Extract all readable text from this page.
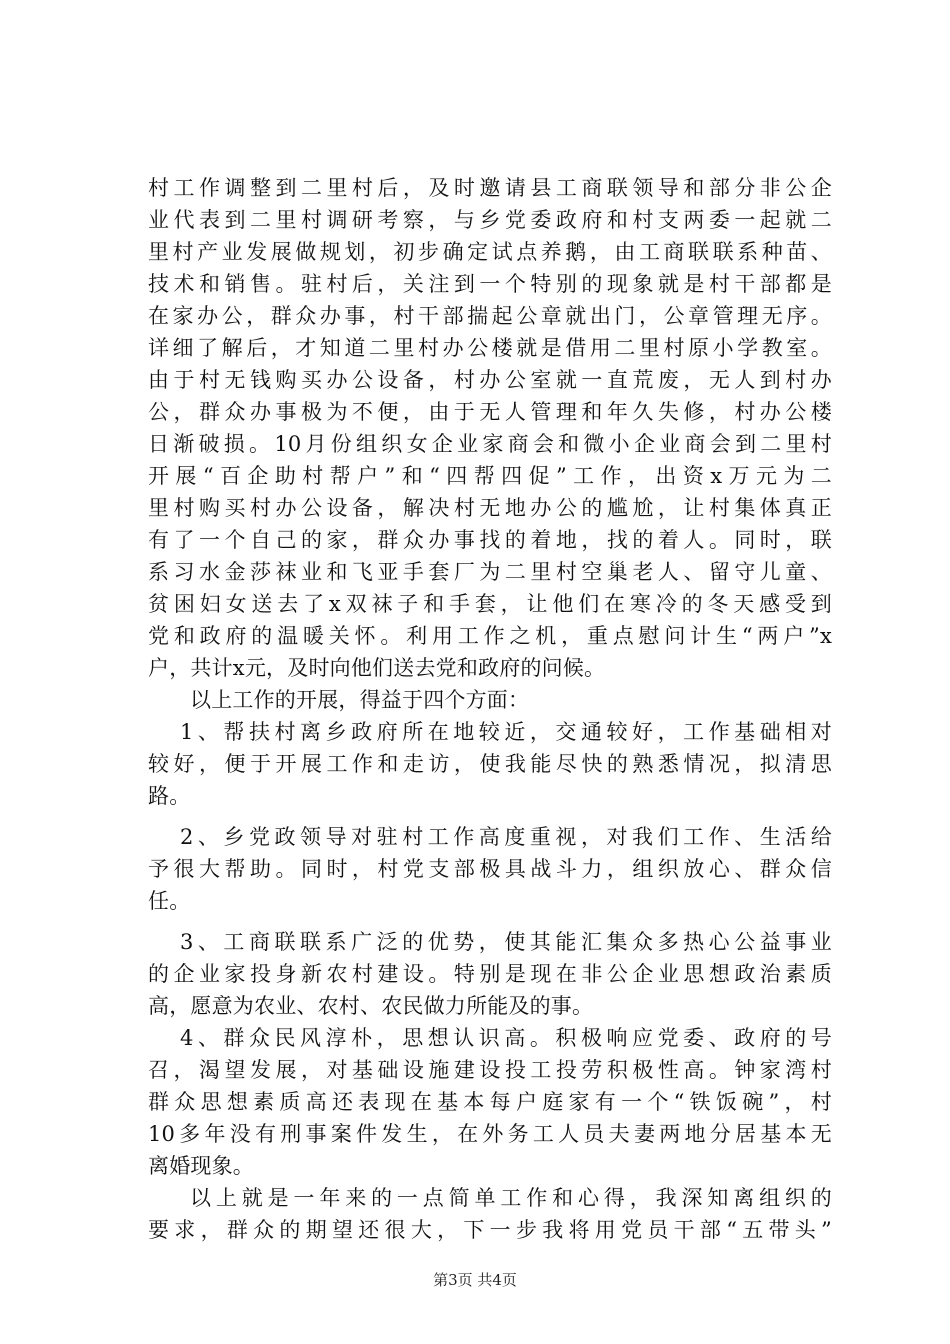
村工作调整到二里村后，及时邀请县工商联领导和部分非公企
业代表到二里村调研考察，与乡党委政府和村支两委一起就二
里村产业发展做规划，初步确定试点养鹅，由工商联联系种苗、
技术和销售。驻村后，关注到一个特别的现象就是村干部都是
在家办公，群众办事，村干部揣起公章就出门，公章管理无序。
详细了解后，才知道二里村办公楼就是借用二里村原小学教室。
由于村无钱购买办公设备，村办公室就一直荒废，无人到村办
公，群众办事极为不便，由于无人管理和年久失修，村办公楼
日渐破损。10月份组织女企业家商会和微小企业商会到二里村
开展“百企助村帮户”和“四帮四促”工作，出资x万元为二
里村购买村办公设备，解决村无地办公的尴尬，让村集体真正
有了一个自己的家，群众办事找的着地，找的着人。同时，联
系习水金莎袜业和飞亚手套厂为二里村空巢老人、留守儿童、
贫困妇女送去了x双袜子和手套，让他们在寒冷的冬天感受到
党和政府的温暖关怀。利用工作之机，重点慰问计生“两户”x
户，共计x元，及时向他们送去党和政府的问候。
以上工作的开展，得益于四个方面：
1、帮扶村离乡政府所在地较近，交通较好，工作基础相对
较好，便于开展工作和走访，使我能尽快的熟悉情况，拟清思
路。
2、乡党政领导对驻村工作高度重视，对我们工作、生活给
予很大帮助。同时，村党支部极具战斗力，组织放心、群众信
任。
3、工商联联系广泛的优势，使其能汇集众多热心公益事业
的企业家投身新农村建设。特别是现在非公企业思想政治素质
高，愿意为农业、农村、农民做力所能及的事。
4、群众民风淳朴，思想认识高。积极响应党委、政府的号
召，渴望发展，对基础设施建设投工投劳积极性高。钟家湾村
群众思想素质高还表现在基本每户庭家有一个“铁饭碗”，村
10多年没有刑事案件发生，在外务工人员夫妻两地分居基本无
离婚现象。
以上就是一年来的一点简单工作和心得，我深知离组织的
要求，群众的期望还很大，下一步我将用党员干部“五带头”
第3页 共4页
